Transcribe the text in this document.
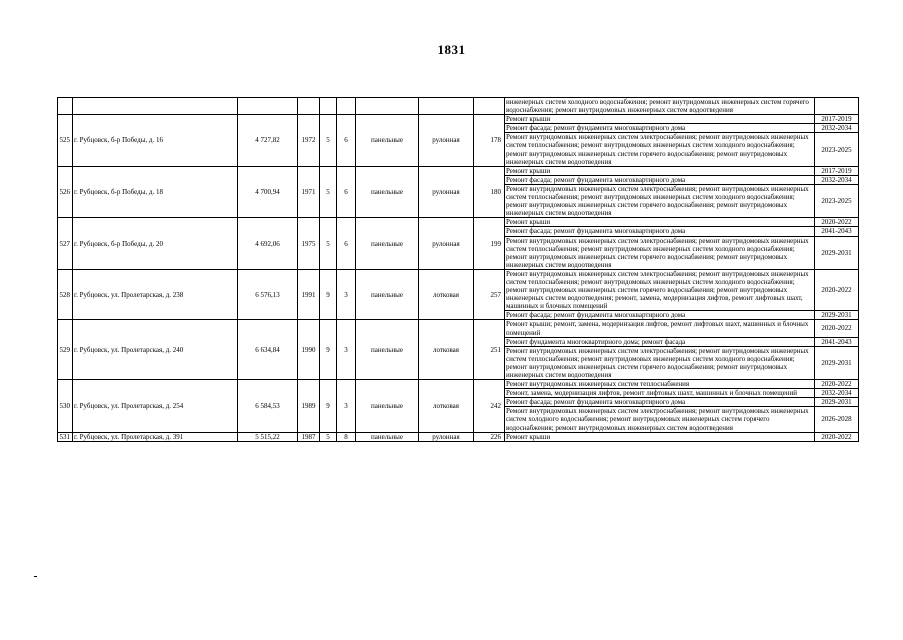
1831

									инженерных систем холодного водоснабжения; ремонт внутридомовых инженерных систем горячего водоснабжения; ремонт внутридомовых инженерных систем водоотведения	

525	г. Рубцовск, б-р Победы, д. 16	4 727,82	1972	5	6	панельные	рулонная	178	Ремонт крыши	2017-2019

									Ремонт фасада; ремонт фундамента многоквартирного дома	2032-2034

									Ремонт внутридомовых инженерных систем электроснабжения; ремонт внутридомовых инженерных систем теплоснабжения; ремонт внутридомовых инженерных систем холодного водоснабжения; ремонт внутридомовых инженерных систем горячего водоснабжения; ремонт внутридомовых инженерных систем водоотведения	2023-2025
526	г. Рубцовск, б-р Победы, д. 18	4 700,94	1971	5	6	панельные	рулонная	180	Ремонт крыши	2017-2019

									Ремонт фасада; ремонт фундамента многоквартирного дома	2032-2034

									Ремонт внутридомовых инженерных систем электроснабжения; ремонт внутридомовых инженерных систем теплоснабжения; ремонт внутридомовых инженерных систем холодного водоснабжения; ремонт внутридомовых инженерных систем горячего водоснабжения; ремонт внутридомовых инженерных систем водоотведения	2023-2025
527	г. Рубцовск, б-р Победы, д. 20	4 692,06	1975	5	6	панельные	рулонная	199	Ремонт крыши	2020-2022

									Ремонт фасада; ремонт фундамента многоквартирного дома	2041-2043

									Ремонт внутридомовых инженерных систем электроснабжения; ремонт внутридомовых инженерных систем теплоснабжения; ремонт внутридомовых инженерных систем холодного водоснабжения; ремонт внутридомовых инженерных систем горячего водоснабжения; ремонт внутридомовых инженерных систем водоотведения	2029-2031
528	г. Рубцовск, ул. Пролетарская, д. 238	6 576,13	1991	9	3	панельные	лотковая	257	Ремонт внутридомовых инженерных систем электроснабжения; ремонт внутридомовых инженерных систем теплоснабжения; ремонт внутридомовых инженерных систем холодного водоснабжения; ремонт внутридомовых инженерных систем горячего водоснабжения; ремонт внутридомовых инженерных систем водоотведения; ремонт, замена, модернизация лифтов, ремонт лифтовых шахт, машинных и блочных помещений	2020-2022

									Ремонт фасада; ремонт фундамента многоквартирного дома	2029-2031
529	г. Рубцовск, ул. Пролетарская, д. 240	6 634,84	1990	9	3	панельные	лотковая	251	Ремонт крыши; ремонт, замена, модернизация лифтов, ремонт лифтовых шахт, машинных и блочных помещений	2020-2022

									Ремонт фундамента многоквартирного дома; ремонт фасада	2041-2043

									Ремонт внутридомовых инженерных систем электроснабжения; ремонт внутридомовых инженерных систем теплоснабжения; ремонт внутридомовых инженерных систем холодного водоснабжения; ремонт внутридомовых инженерных систем горячего водоснабжения; ремонт внутридомовых инженерных систем водоотведения	2029-2031
530	г. Рубцовск, ул. Пролетарская, д. 254	6 584,53	1989	9	3	панельные	лотковая	242	Ремонт внутридомовых инженерных систем теплоснабжения	2020-2022

									Ремонт, замена, модернизация лифтов, ремонт лифтовых шахт, машинных и блочных помещений	2032-2034

									Ремонт фасада; ремонт фундамента многоквартирного дома	2029-2031

									Ремонт внутридомовых инженерных систем электроснабжения; ремонт внутридомовых инженерных систем холодного водоснабжения; ремонт внутридомовых инженерных систем горячего водоснабжения; ремонт внутридомовых инженерных систем водоотведения	2026-2028
531	г. Рубцовск, ул. Пролетарская, д. 391	5 515,22	1987	5	8	панельные	рулонная	226	Ремонт крыши	2020-2022
